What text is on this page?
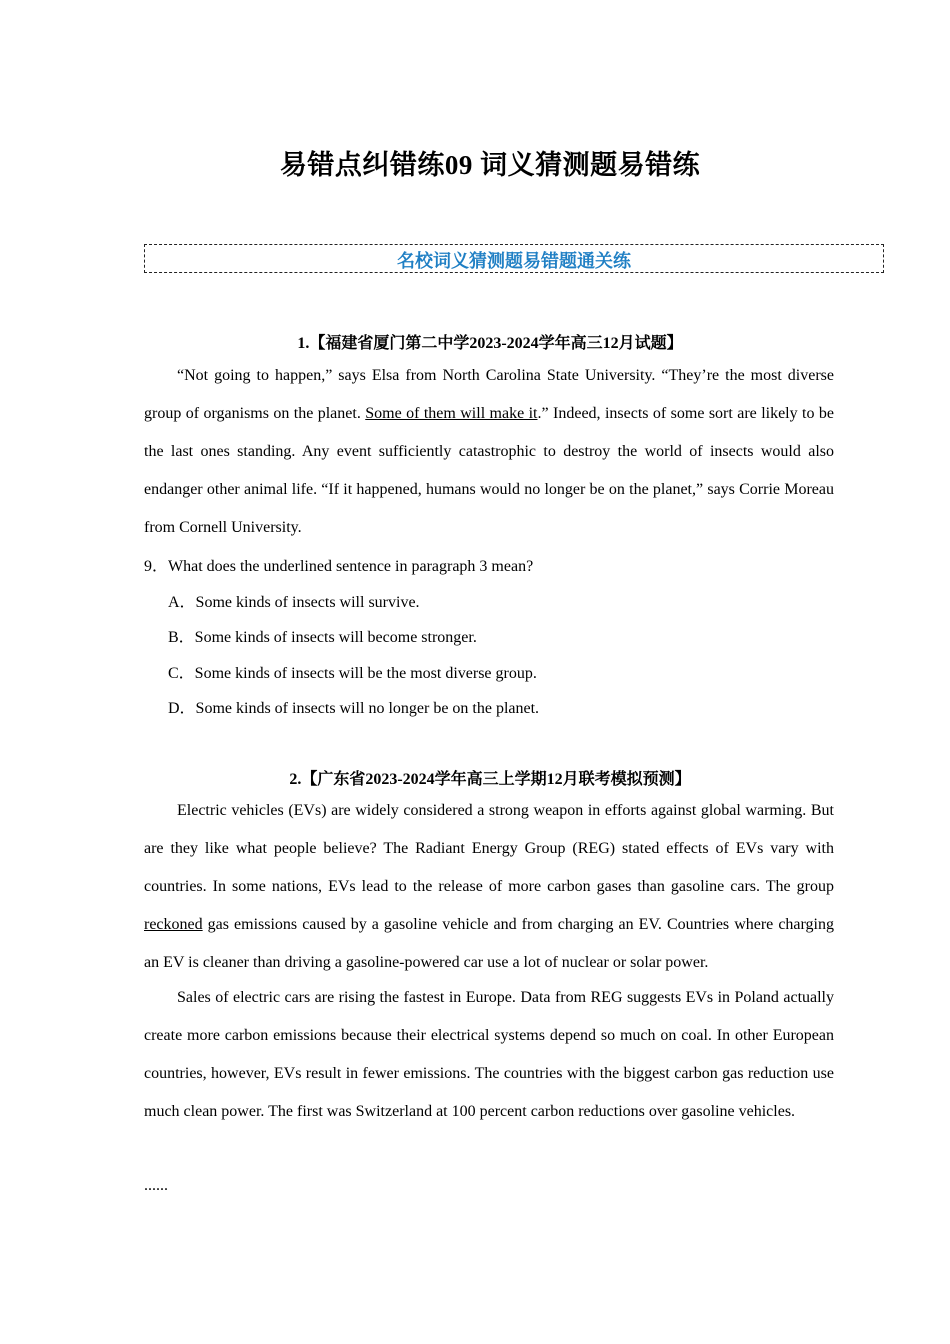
易错点纠错练09 词义猜测题易错练
名校词义猜测题易错题通关练
1.【福建省厦门第二中学2023-2024学年高三12月试题】

“Not going to happen,” says Elsa from North Carolina State University. “They’re the most diverse group of organisms on the planet. Some of them will make it.” Indeed, insects of some sort are likely to be the last ones standing. Any event sufficiently catastrophic to destroy the world of insects would also endanger other animal life. “If it happened, humans would no longer be on the planet,” says Corrie Moreau from Cornell University.

9．What does the underlined sentence in paragraph 3 mean?
A．Some kinds of insects will survive.
B．Some kinds of insects will become stronger.
C．Some kinds of insects will be the most diverse group.
D．Some kinds of insects will no longer be on the planet.
2.【广东省2023-2024学年高三上学期12月联考模拟预测】

Electric vehicles (EVs) are widely considered a strong weapon in efforts against global warming. But are they like what people believe? The Radiant Energy Group (REG) stated effects of EVs vary with countries. In some nations, EVs lead to the release of more carbon gases than gasoline cars. The group reckoned gas emissions caused by a gasoline vehicle and from charging an EV. Countries where charging an EV is cleaner than driving a gasoline-powered car use a lot of nuclear or solar power.

Sales of electric cars are rising the fastest in Europe. Data from REG suggests EVs in Poland actually create more carbon emissions because their electrical systems depend so much on coal. In other European countries, however, EVs result in fewer emissions. The countries with the biggest carbon gas reduction use much clean power. The first was Switzerland at 100 percent carbon reductions over gasoline vehicles.

......
